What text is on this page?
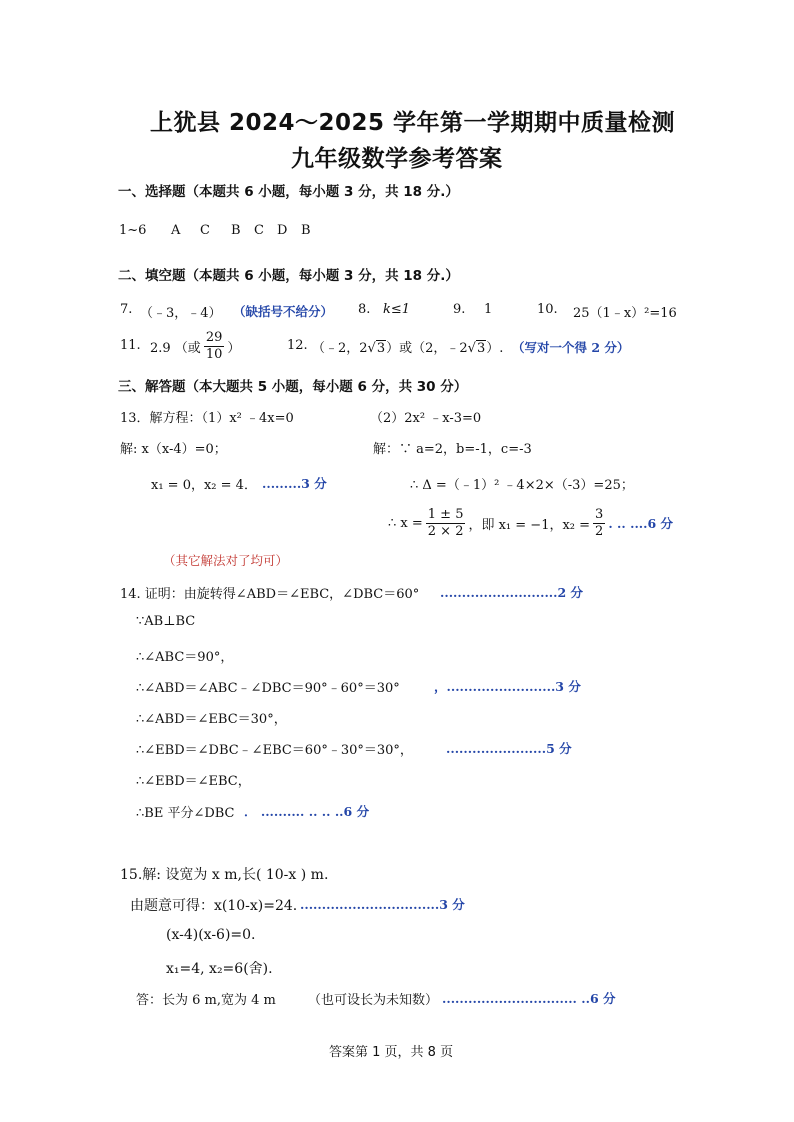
上犹县 2024～2025 学年第一学期期中质量检测
九年级数学参考答案
一、选择题（本题共 6 小题，每小题 3 分，共 18 分.）
1~6 A C B C D B
二、填空题（本题共 6 小题，每小题 3 分，共 18 分.）
7. （﹣3，﹣4） （缺括号不给分） 8. k≤1	9. 1	10. 25（1﹣x）²=16
11. 2.9 （或 $\frac{29}{10}$ ）	12. （﹣2，2√3）或（2，﹣2√3）. （写对一个得 2 分）
三、解答题（本大题共 5 小题，每小题 6 分，共 30 分）
13．解方程：（1）x² ﹣4x=0	（2）2x² ﹣x-3=0
解: x（x-4）=0；	解：∵ a=2，b=-1，c=-3
x₁ = 0，x₂ = 4． .........3 分	∴ Δ =（﹣1）² ﹣4×2×（-3）=25；
∴ $x = \frac{1 \pm 5}{2 \times 2}$ ，即 x₁ = −1，$x_2 = \frac{3}{2}$ . .. ....6 分
（其它解法对了均可）
14. 证明：由旋转得∠ABD＝∠EBC，∠DBC＝60° ...........................2 分
∵AB⊥BC
∴∠ABC＝90°，
∴∠ABD＝∠ABC﹣∠DBC＝90°﹣60°＝30°	，.........................3 分
∴∠ABD＝∠EBC＝30°，
∴∠EBD＝∠DBC﹣∠EBC＝60°﹣30°＝30°，	.......................5 分
∴∠EBD＝∠EBC，
∴BE 平分∠DBC ． .......... .. .. ..6 分
15.解: 设宽为 x m,长( 10-x ) m.
由题意可得：x(10-x)=24. ................................3 分
(x-4)(x-6)=0.
x₁=4, x₂=6(舍).
答：长为 6 m,宽为 4 m （也可设长为未知数） ............................... ..6 分
答案第 1 页，共 8 页
